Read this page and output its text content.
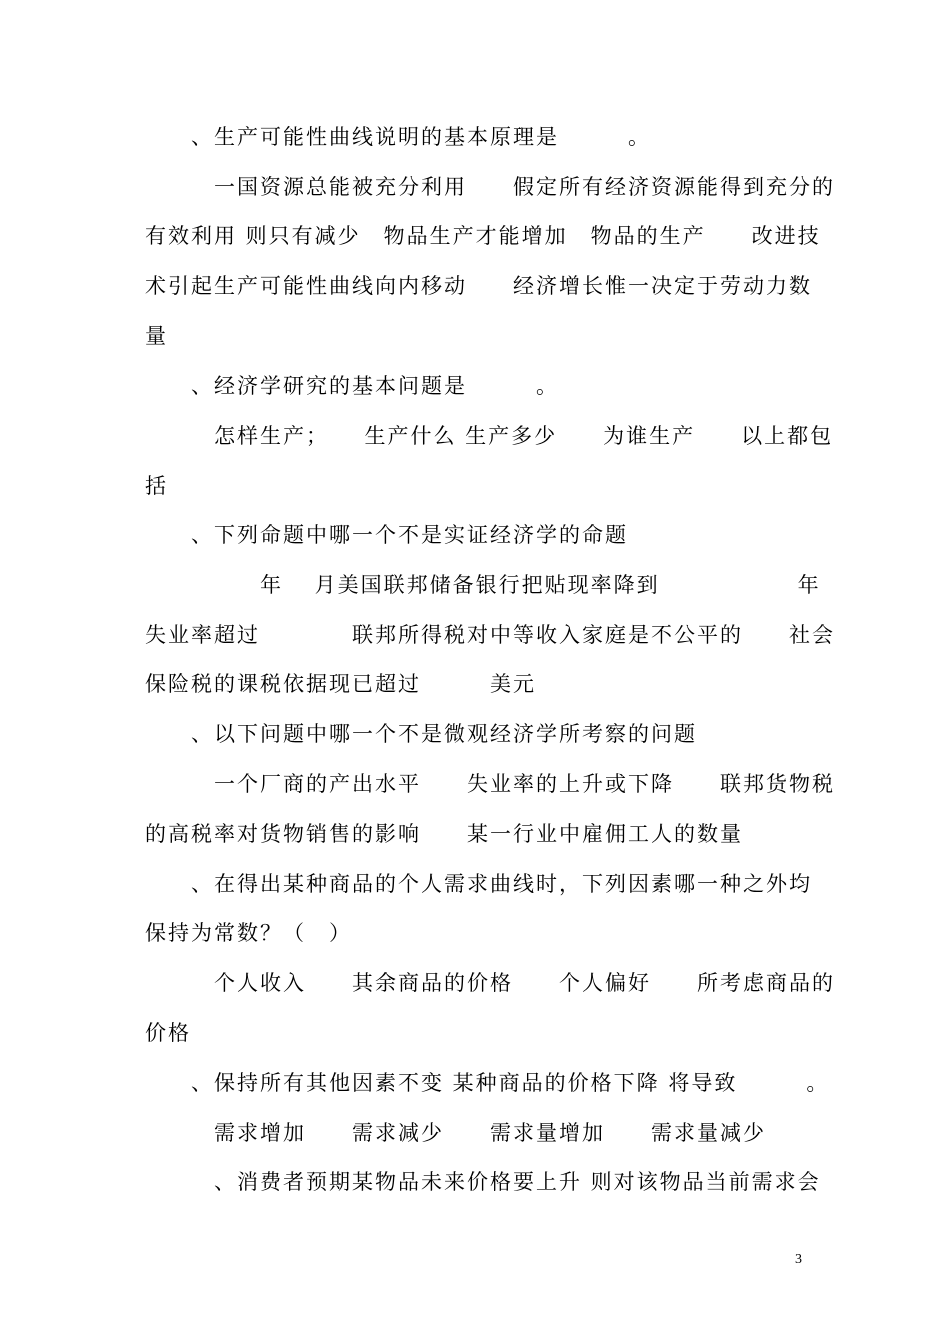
　　、生产可能性曲线说明的基本原理是　　　。
　　　一国资源总能被充分利用　　假定所有经济资源能得到充分的
有效利用 则只有减少　物品生产才能增加　物品的生产　　改进技
术引起生产可能性曲线向内移动　　经济增长惟一决定于劳动力数
量
　　、经济学研究的基本问题是　　　。
　　　怎样生产；　　生产什么 生产多少　　为谁生产　　以上都包
括
　　、下列命题中哪一个不是实证经济学的命题
　　　　　年　 月美国联邦储备银行把贴现率降到　　　　　　年
失业率超过　　　　联邦所得税对中等收入家庭是不公平的　　社会
保险税的课税依据现已超过　　　美元
　　、以下问题中哪一个不是微观经济学所考察的问题
　　　一个厂商的产出水平　　失业率的上升或下降　　联邦货物税
的高税率对货物销售的影响　　某一行业中雇佣工人的数量
　　、在得出某种商品的个人需求曲线时，下列因素哪一种之外均
保持为常数？（　）
　　　个人收入　　其余商品的价格　　个人偏好　　所考虑商品的
价格
　　、保持所有其他因素不变 某种商品的价格下降 将导致　　　。
　　　需求增加　　需求减少　　需求量增加　　需求量减少
　　　、消费者预期某物品未来价格要上升 则对该物品当前需求会
3
